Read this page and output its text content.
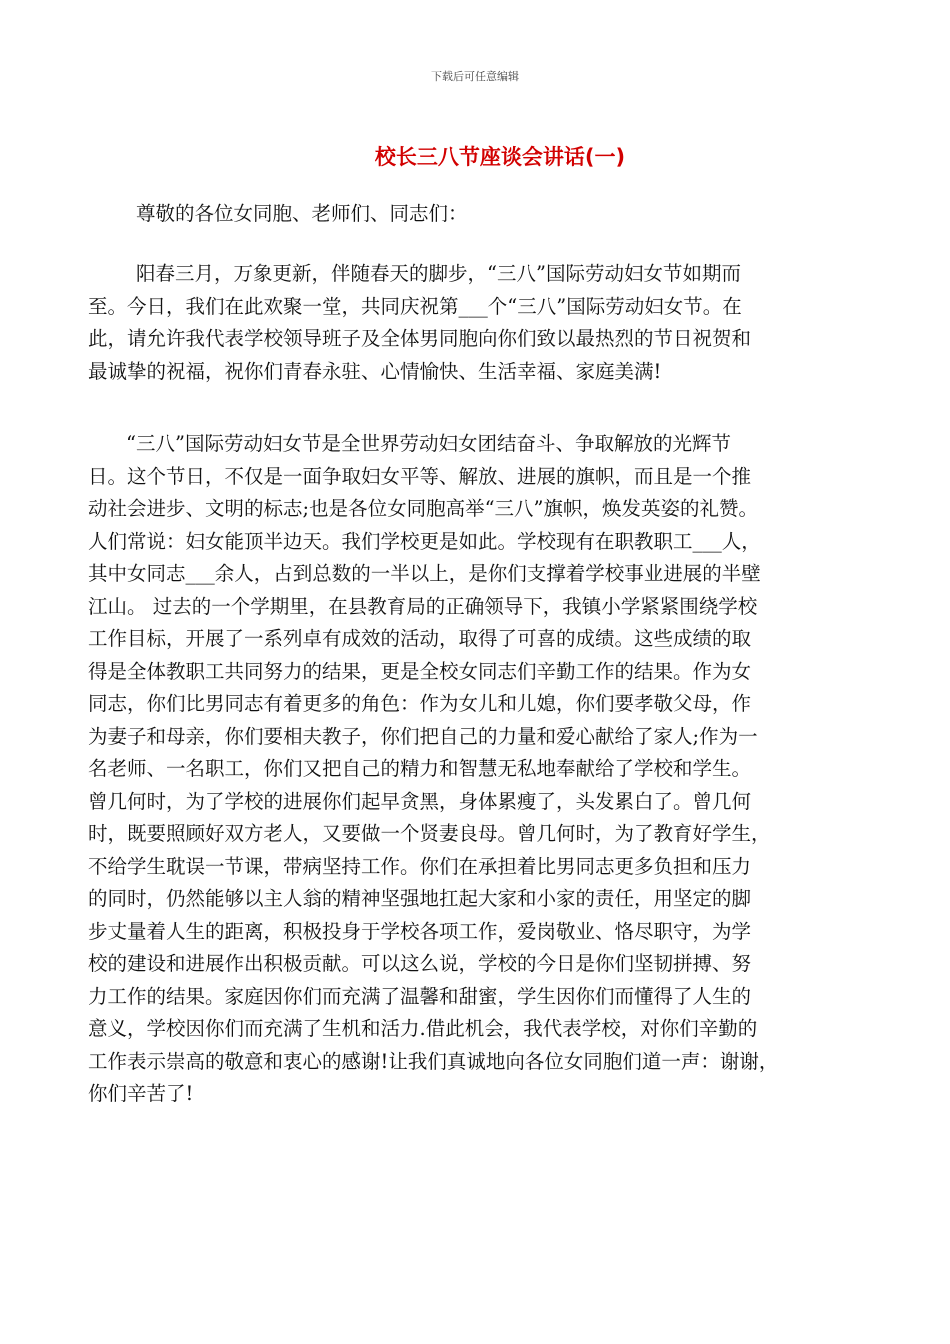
下载后可任意编辑
校长三八节座谈会讲话(一)

尊敬的各位女同胞、老师们、同志们：

阳春三月，万象更新，伴随春天的脚步，“三八”国际劳动妇女节如期而
至。今日，我们在此欢聚一堂，共同庆祝第___个“三八”国际劳动妇女节。在
此，请允许我代表学校领导班子及全体男同胞向你们致以最热烈的节日祝贺和
最诚挚的祝福，祝你们青春永驻、心情愉快、生活幸福、家庭美满!
“三八”国际劳动妇女节是全世界劳动妇女团结奋斗、争取解放的光辉节
日。这个节日，不仅是一面争取妇女平等、解放、进展的旗帜，而且是一个推
动社会进步、文明的标志;也是各位女同胞高举“三八”旗帜，焕发英姿的礼赞。
人们常说：妇女能顶半边天。我们学校更是如此。学校现有在职教职工___人，
其中女同志___余人，占到总数的一半以上，是你们支撑着学校事业进展的半壁
江山。 过去的一个学期里，在县教育局的正确领导下，我镇小学紧紧围绕学校
工作目标，开展了一系列卓有成效的活动，取得了可喜的成绩。这些成绩的取
得是全体教职工共同努力的结果，更是全校女同志们辛勤工作的结果。作为女
同志，你们比男同志有着更多的角色：作为女儿和儿媳，你们要孝敬父母，作
为妻子和母亲，你们要相夫教子，你们把自己的力量和爱心献给了家人;作为一
名老师、一名职工，你们又把自己的精力和智慧无私地奉献给了学校和学生。
曾几何时，为了学校的进展你们起早贪黑，身体累瘦了，头发累白了。曾几何
时，既要照顾好双方老人，又要做一个贤妻良母。曾几何时，为了教育好学生，
不给学生耽误一节课，带病坚持工作。你们在承担着比男同志更多负担和压力
的同时，仍然能够以主人翁的精神坚强地扛起大家和小家的责任，用坚定的脚
步丈量着人生的距离，积极投身于学校各项工作，爱岗敬业、恪尽职守，为学
校的建设和进展作出积极贡献。可以这么说，学校的今日是你们坚韧拼搏、努
力工作的结果。家庭因你们而充满了温馨和甜蜜，学生因你们而懂得了人生的
意义，学校因你们而充满了生机和活力.借此机会，我代表学校，对你们辛勤的
工作表示崇高的敬意和衷心的感谢!让我们真诚地向各位女同胞们道一声：谢谢，
你们辛苦了!
